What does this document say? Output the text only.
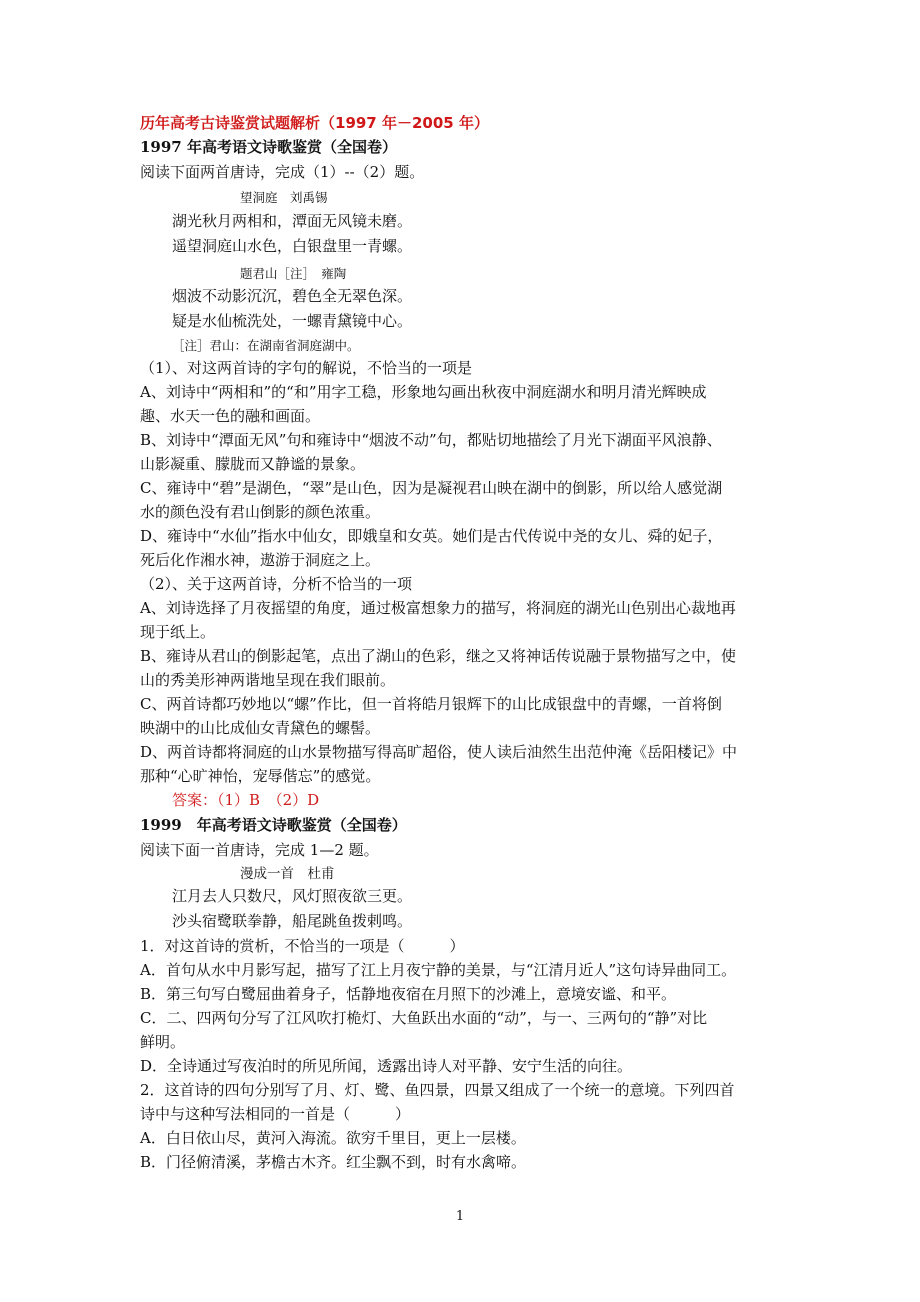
历年高考古诗鉴赏试题解析（1997 年－2005 年）
1997 年高考语文诗歌鉴赏（全国卷）
阅读下面两首唐诗，完成（1）--（2）题。
望洞庭　刘禹锡
湖光秋月两相和，潭面无风镜未磨。
遥望洞庭山水色，白银盘里一青螺。
题君山［注］　雍陶
烟波不动影沉沉，碧色全无翠色深。
疑是水仙梳洗处，一螺青黛镜中心。
［注］君山：在湖南省洞庭湖中。
（1）、对这两首诗的字句的解说，不恰当的一项是
A、刘诗中“两相和”的“和”用字工稳，形象地勾画出秋夜中洞庭湖水和明月清光辉映成
趣、水天一色的融和画面。
B、刘诗中“潭面无风”句和雍诗中“烟波不动”句，都贴切地描绘了月光下湖面平风浪静、
山影凝重、朦胧而又静谧的景象。
C、雍诗中“碧”是湖色，“翠”是山色，因为是凝视君山映在湖中的倒影，所以给人感觉湖
水的颜色没有君山倒影的颜色浓重。
D、雍诗中“水仙”指水中仙女，即娥皇和女英。她们是古代传说中尧的女儿、舜的妃子，
死后化作湘水神，遨游于洞庭之上。
（2）、关于这两首诗，分析不恰当的一项
A、刘诗选择了月夜摇望的角度，通过极富想象力的描写，将洞庭的湖光山色别出心裁地再
现于纸上。
B、雍诗从君山的倒影起笔，点出了湖山的色彩，继之又将神话传说融于景物描写之中，使
山的秀美形神两谐地呈现在我们眼前。
C、两首诗都巧妙地以“螺”作比，但一首将皓月银辉下的山比成银盘中的青螺，一首将倒
映湖中的山比成仙女青黛色的螺髻。
D、两首诗都将洞庭的山水景物描写得高旷超俗，使人读后油然生出范仲淹《岳阳楼记》中
那种“心旷神怡，宠辱偕忘”的感觉。
答案：（1）B　（2）D
1999　年高考语文诗歌鉴赏（全国卷）
阅读下面一首唐诗，完成 1—2 题。
漫成一首　杜甫
江月去人只数尺，风灯照夜欲三更。
沙头宿鹭联拳静，船尾跳鱼拨剌鸣。
1．对这首诗的赏析，不恰当的一项是（　　　）
A．首句从水中月影写起，描写了江上月夜宁静的美景，与“江清月近人”这句诗异曲同工。
B．第三句写白鹭屈曲着身子，恬静地夜宿在月照下的沙滩上，意境安谧、和平。
C．二、四两句分写了江风吹打桅灯、大鱼跃出水面的“动”，与一、三两句的“静”对比
鲜明。
D．全诗通过写夜泊时的所见所闻，透露出诗人对平静、安宁生活的向往。
2．这首诗的四句分别写了月、灯、鹭、鱼四景，四景又组成了一个统一的意境。下列四首
诗中与这种写法相同的一首是（　　　）
A．白日依山尽，黄河入海流。欲穷千里目，更上一层楼。
B．门径俯清溪，茅檐古木齐。红尘飘不到，时有水禽啼。
1
